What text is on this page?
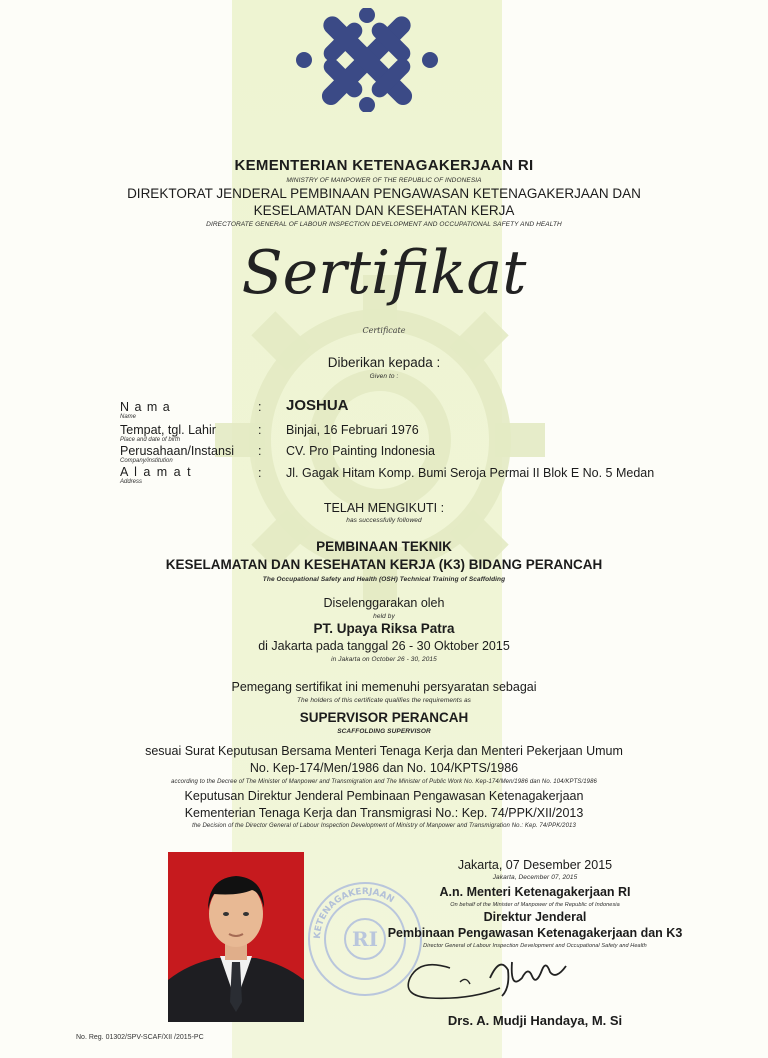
KEMENTERIAN KETENAGAKERJAAN RI
MINISTRY OF MANPOWER OF THE REPUBLIC OF INDONESIA
DIREKTORAT JENDERAL PEMBINAAN PENGAWASAN KETENAGAKERJAAN DAN
KESELAMATAN DAN KESEHATAN KERJA
DIRECTORATE GENERAL OF LABOUR INSPECTION DEVELOPMENT AND OCCUPATIONAL SAFETY AND HEALTH
Sertifikat
Certificate
Diberikan kepada :
Given to :
N a m a
Name
: JOSHUA
Tempat, tgl. Lahir
Place and date of birth
: Binjai, 16 Februari 1976
Perusahaan/Instansi
Company/institution
: CV. Pro Painting Indonesia
A l a m a t
Address
: Jl. Gagak Hitam Komp. Bumi Seroja Permai II Blok E No. 5 Medan
TELAH MENGIKUTI :
has successfully followed
PEMBINAAN TEKNIK
KESELAMATAN DAN KESEHATAN KERJA (K3) BIDANG PERANCAH
The Occupational Safety and Health (OSH) Technical Training of Scaffolding
Diselenggarakan oleh
held by
PT. Upaya Riksa Patra
di Jakarta pada tanggal 26 - 30 Oktober 2015
in Jakarta on October 26 - 30, 2015
Pemegang sertifikat ini memenuhi persyaratan sebagai
The holders of this certificate qualifies the requirements as
SUPERVISOR PERANCAH
SCAFFOLDING SUPERVISOR
sesuai Surat Keputusan Bersama Menteri Tenaga Kerja dan Menteri Pekerjaan Umum
No. Kep-174/Men/1986 dan No. 104/KPTS/1986
according to the Decree of The Minister of Manpower and Transmigration and The Minister of Public Work No. Kep-174/Men/1986 dan No. 104/KPTS/1986
Keputusan Direktur Jenderal Pembinaan Pengawasan Ketenagakerjaan
Kementerian Tenaga Kerja dan Transmigrasi No.: Kep. 74/PPK/XII/2013
the Decision of the Director General of Labour Inspection Development of Ministry of Manpower and Transmigration No.: Kep. 74/PPK/2013
KETENAGAKERJAAN
RI
Jakarta, 07 Desember 2015
Jakarta, December 07, 2015
A.n. Menteri Ketenagakerjaan RI
On behalf of the Minister of Manpower of the Republic of Indonesia
Direktur Jenderal
Pembinaan Pengawasan Ketenagakerjaan dan K3
Director General of Labour Inspection Development and Occupational Safety and Health
Drs. A. Mudji Handaya, M. Si
No. Reg. 01302/SPV-SCAF/XII /2015-PC
